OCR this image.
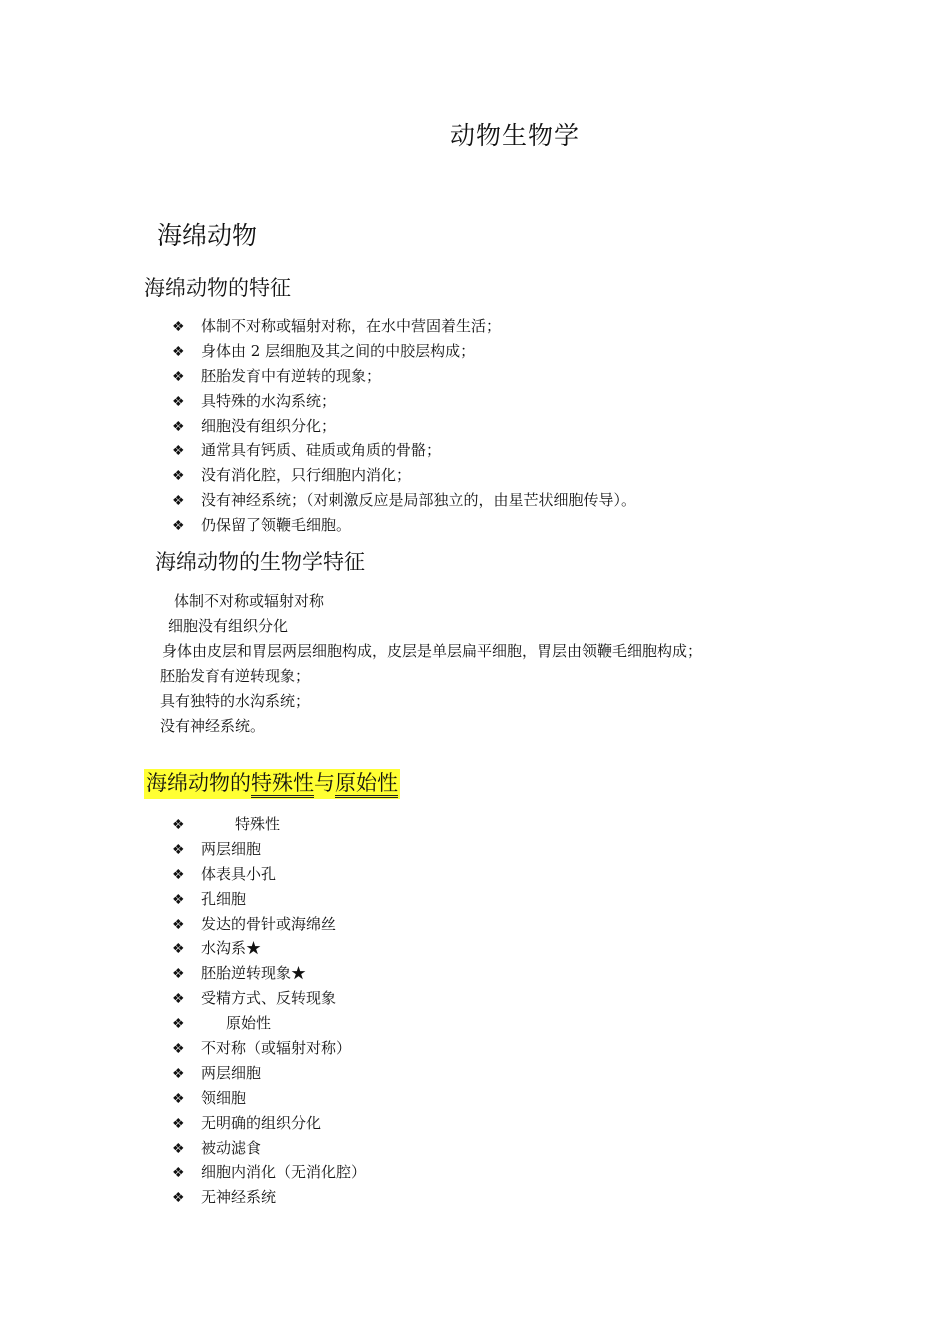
动物生物学
海绵动物
海绵动物的特征
❖ 体制不对称或辐射对称，在水中营固着生活；
❖ 身体由 2 层细胞及其之间的中胶层构成；
❖ 胚胎发育中有逆转的现象；
❖ 具特殊的水沟系统；
❖ 细胞没有组织分化；
❖ 通常具有钙质、硅质或角质的骨骼；
❖ 没有消化腔，只行细胞内消化；
❖ 没有神经系统；（对刺激反应是局部独立的，由星芒状细胞传导）。
❖ 仍保留了领鞭毛细胞。
海绵动物的生物学特征
体制不对称或辐射对称
细胞没有组织分化
身体由皮层和胃层两层细胞构成，皮层是单层扁平细胞，胃层由领鞭毛细胞构成；
胚胎发育有逆转现象；
具有独特的水沟系统；
没有神经系统。
海绵动物的特殊性与原始性
❖	特殊性
❖ 两层细胞
❖ 体表具小孔
❖ 孔细胞
❖ 发达的骨针或海绵丝
❖ 水沟系★
❖ 胚胎逆转现象★
❖ 受精方式、反转现象
❖	原始性
❖ 不对称（或辐射对称）
❖ 两层细胞
❖ 领细胞
❖ 无明确的组织分化
❖ 被动滤食
❖ 细胞内消化（无消化腔）
❖ 无神经系统
